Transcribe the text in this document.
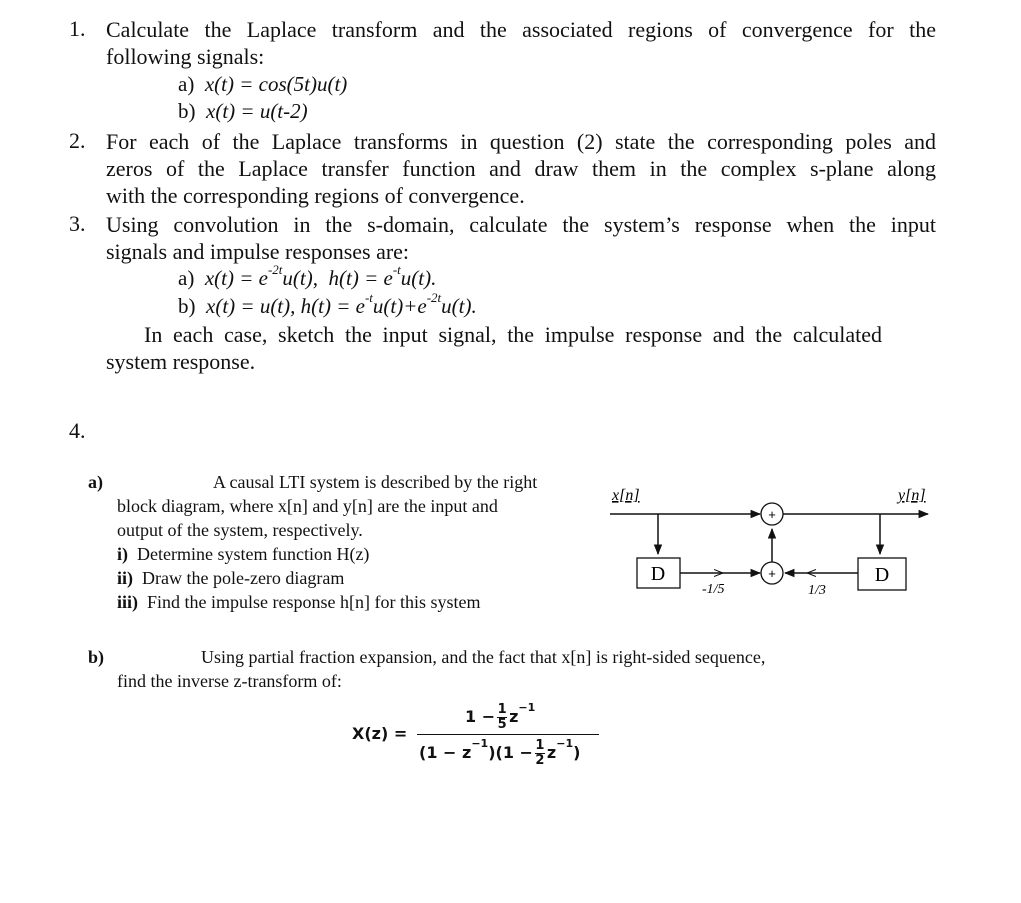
1. Calculate the Laplace transform and the associated regions of convergence for the
following signals:
a) x(t) = cos(5t)u(t)
b) x(t) = u(t-2)
2. For each of the Laplace transforms in question (2) state the corresponding poles and
zeros of the Laplace transfer function and draw them in the complex s-plane along
with the corresponding regions of convergence.
3. Using convolution in the s-domain, calculate the system’s response when the input
signals and impulse responses are:
a) $x(t) = e^{-2t}u(t)$, $h(t) = e^{-t}u(t)$.
b) x(t) = u(t), $h(t) = e^{-t}u(t)+e^{-2t}u(t)$.
In each case, sketch the input signal, the impulse response and the calculated
system response.
4.
a)	A causal LTI system is described by the right
block diagram, where x[n] and y[n] are the input and
output of the system, respectively.
i) Determine system function H(z)
ii) Draw the pole-zero diagram
iii) Find the impulse response h[n] for this system
+
D	+	D
x[n]	y[n]
-1/5	1/3
b)	Using partial fraction expansion, and the fact that x[n] is right-sided sequence,
find the inverse z-transform of:
X(z) =
$1 - \frac{1}{5} z^{-1}$
$(1 - z^{-1})(1 - \frac{1}{2} z^{-1})$
